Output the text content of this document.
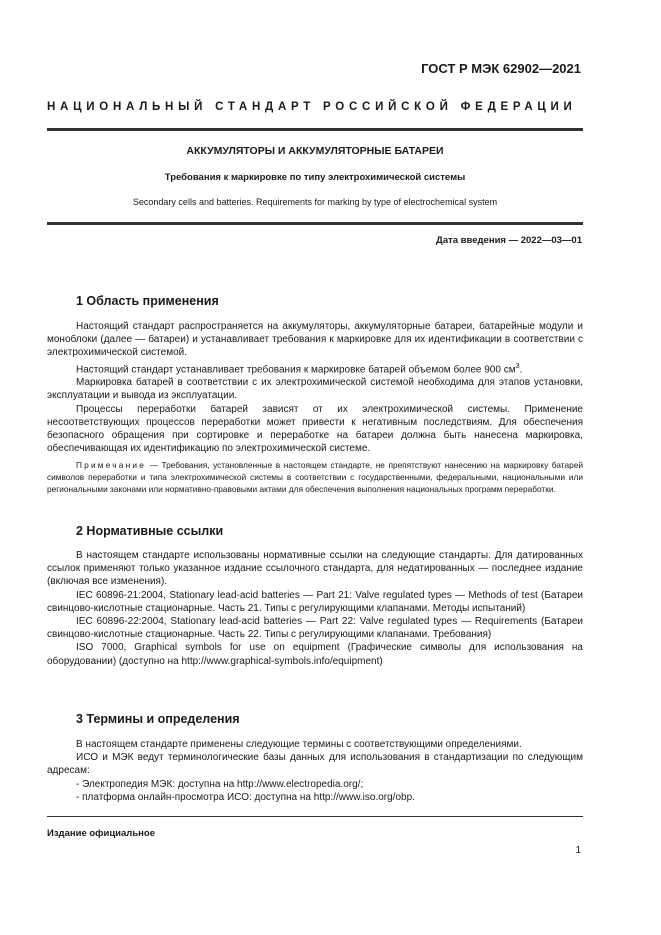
ГОСТ Р МЭК 62902—2021
НАЦИОНАЛЬНЫЙ СТАНДАРТ РОССИЙСКОЙ ФЕДЕРАЦИИ
АККУМУЛЯТОРЫ И АККУМУЛЯТОРНЫЕ БАТАРЕИ
Требования к маркировке по типу электрохимической системы
Secondary cells and batteries. Requirements for marking by type of electrochemical system
Дата введения — 2022—03—01
1 Область применения

Настоящий стандарт распространяется на аккумуляторы, аккумуляторные батареи, батарейные модули и моноблоки (далее — батареи) и устанавливает требования к маркировке для их идентификации в соответствии с электрохимической системой.

Настоящий стандарт устанавливает требования к маркировке батарей объемом более 900 $см^3$.

Маркировка батарей в соответствии с их электрохимической системой необходима для этапов установки, эксплуатации и вывода из эксплуатации.

Процессы переработки батарей зависят от их электрохимической системы. Применение несоответствующих процессов переработки может привести к негативным последствиям. Для обеспечения безопасного обращения при сортировке и переработке на батареи должна быть нанесена маркировка, обеспечивающая их идентификацию по электрохимической системе.

Примечание — Требования, установленные в настоящем стандарте, не препятствуют нанесению на маркировку батарей символов переработки и типа электрохимической системы в соответствии с государственными, федеральными, национальными или региональными законами или нормативно-правовыми актами для обеспечения выполнения национальных программ переработки.

2 Нормативные ссылки

В настоящем стандарте использованы нормативные ссылки на следующие стандарты. Для датированных ссылок применяют только указанное издание ссылочного стандарта, для недатированных — последнее издание (включая все изменения).

IEC 60896-21:2004, Stationary lead-acid batteries — Part 21: Valve regulated types — Methods of test (Батареи свинцово-кислотные стационарные. Часть 21. Типы с регулирующими клапанами. Методы испытаний)

IEC 60896-22:2004, Stationary lead-acid batteries — Part 22: Valve regulated types — Requirements (Батареи свинцово-кислотные стационарные. Часть 22. Типы с регулирующими клапанами. Требования)

ISO 7000, Graphical symbols for use on equipment (Графические символы для использования на оборудовании) (доступно на http://www.graphical-symbols.info/equipment)

3 Термины и определения

В настоящем стандарте применены следующие термины с соответствующими определениями.

ИСО и МЭК ведут терминологические базы данных для использования в стандартизации по следующим адресам:

- Электропедия МЭК: доступна на http://www.electropedia.org/;

- платформа онлайн-просмотра ИСО: доступна на http://www.iso.org/obp.

Издание официальное
1
